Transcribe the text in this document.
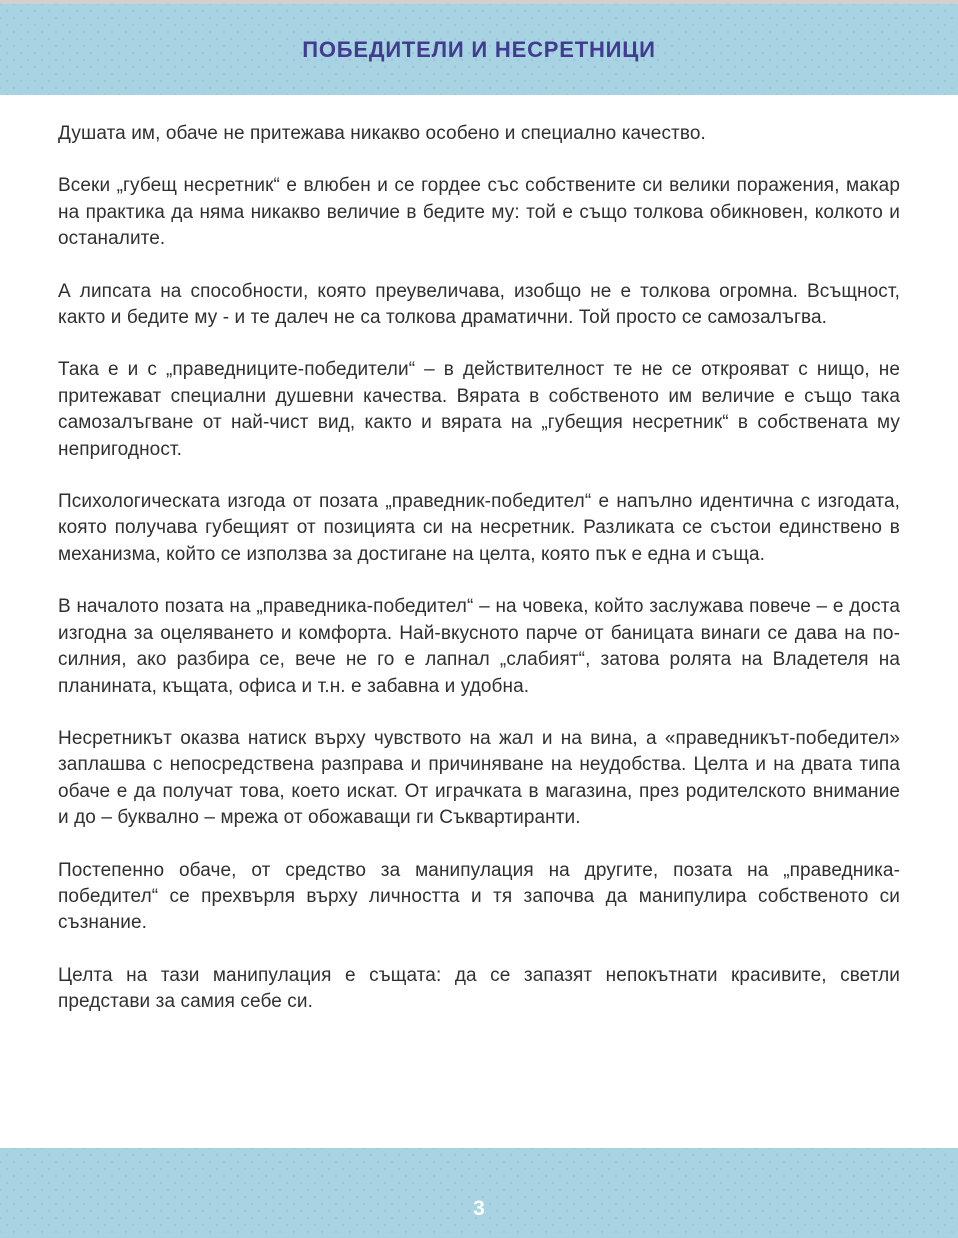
ПОБЕДИТЕЛИ И НЕСРЕТНИЦИ

Душата им, обаче не притежава никакво особено и специално качество.

Всеки „губещ несретник“ е влюбен и се гордее със собствените си велики поражения, макар на практика да няма никакво величие в бедите му: той е също толкова обикновен, колкото и останалите.

А липсата на способности, която преувеличава, изобщо не е толкова огромна. Всъщност, както и бедите му - и те далеч не са толкова драматични. Той просто се самозалъгва.

Така е и с „праведниците-победители“ – в действителност те не се открояват с нищо, не притежават специални душевни качества. Вярата в собственото им величие е също така самозалъгване от най-чист вид, както и вярата на „губещия несретник“ в собствената му непригодност.

Психологическата изгода от позата „праведник-победител“ е напълно идентична с изгодата, която получава губещият от позицията си на несретник. Разликата се състои единствено в механизма, който се използва за достигане на целта, която пък е една и съща.

В началото позата на „праведника-победител“ – на човека, който заслужава повече – е доста изгодна за оцеляването и комфорта. Най-вкусното парче от баницата винаги се дава на по-силния, ако разбира се, вече не го е лапнал „слабият“, затова ролята на Владетеля на планината, къщата, офиса и т.н. е забавна и удобна.

Несретникът оказва натиск върху чувството на жал и на вина, а «праведникът-победител» заплашва с непосредствена разправа и причиняване на неудобства. Целта и на двата типа обаче е да получат това, което искат. От играчката в магазина, през родителското внимание и до – буквално – мрежа от обожаващи ги Съквартиранти.

Постепенно обаче, от средство за манипулация на другите, позата на „праведника-победител“ се прехвърля върху личността и тя започва да манипулира собственото си съзнание.

Целта на тази манипулация е същата: да се запазят непокътнати красивите, светли представи за самия себе си.

3
